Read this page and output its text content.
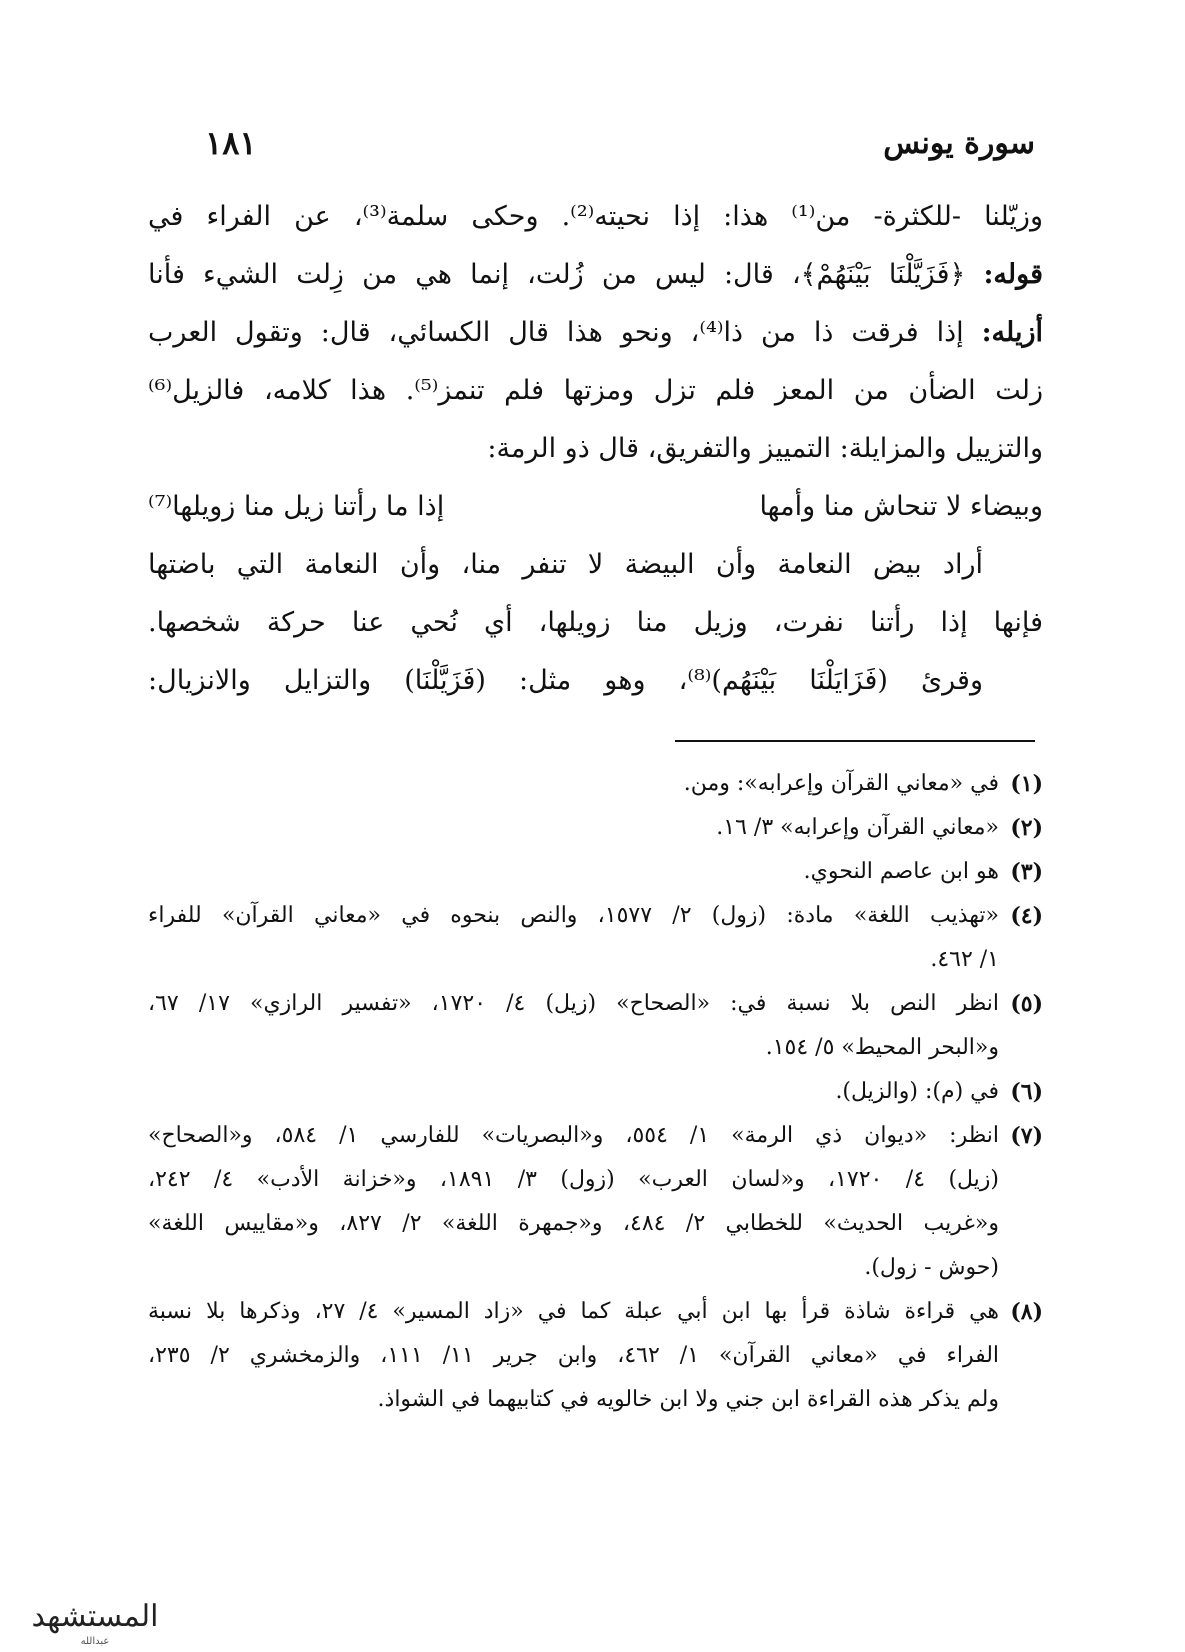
سورة يونس
١٨١
وزيّلنا -للكثرة- من⁽¹⁾ هذا: إذا نحيته⁽²⁾. وحكى سلمة⁽³⁾، عن الفراء في
قوله: ﴿فَزَيَّلْنَا بَيْنَهُمْ﴾، قال: ليس من زُلت، إنما هي من زِلت الشيء فأنا
أزيله: إذا فرقت ذا من ذا⁽⁴⁾، ونحو هذا قال الكسائي، قال: وتقول العرب
زلت الضأن من المعز فلم تزل ومزتها فلم تنمز⁽⁵⁾. هذا كلامه، فالزيل⁽⁶⁾
والتزييل والمزايلة: التمييز والتفريق، قال ذو الرمة:
وبيضاء لا تنحاش منا وأمها
إذا ما رأتنا زيل منا زويلها⁽⁷⁾
أراد بيض النعامة وأن البيضة لا تنفر منا، وأن النعامة التي باضتها
فإنها إذا رأتنا نفرت، وزيل منا زويلها، أي نُحي عنا حركة شخصها.
وقرئ (فَزَايَلْنَا بَيْنَهُم)⁽⁸⁾، وهو مثل: (فَزَيَّلْنَا) والتزايل والانزيال:
(١)
في «معاني القرآن وإعرابه»: ومن.
(٢)
«معاني القرآن وإعرابه» ٣/ ١٦.
(٣)
هو ابن عاصم النحوي.
(٤)
«تهذيب اللغة» مادة: (زول) ٢/ ١٥٧٧، والنص بنحوه في «معاني القرآن» للفراء
١/ ٤٦٢.
(٥)
انظر النص بلا نسبة في: «الصحاح» (زيل) ٤/ ١٧٢٠، «تفسير الرازي» ١٧/ ٦٧،
و«البحر المحيط» ٥/ ١٥٤.
(٦)
في (م): (والزيل).
(٧)
انظر: «ديوان ذي الرمة» ١/ ٥٥٤، و«البصريات» للفارسي ١/ ٥٨٤، و«الصحاح»
(زيل) ٤/ ١٧٢٠، و«لسان العرب» (زول) ٣/ ١٨٩١، و«خزانة الأدب» ٤/ ٢٤٢،
و«غريب الحديث» للخطابي ٢/ ٤٨٤، و«جمهرة اللغة» ٢/ ٨٢٧، و«مقاييس اللغة»
(حوش - زول).
(٨)
هي قراءة شاذة قرأ بها ابن أبي عبلة كما في «زاد المسير» ٤/ ٢٧، وذكرها بلا نسبة
الفراء في «معاني القرآن» ١/ ٤٦٢، وابن جرير ١١/ ١١١، والزمخشري ٢/ ٢٣٥،
ولم يذكر هذه القراءة ابن جني ولا ابن خالويه في كتابيهما في الشواذ.
المستشهد
عبدالله
